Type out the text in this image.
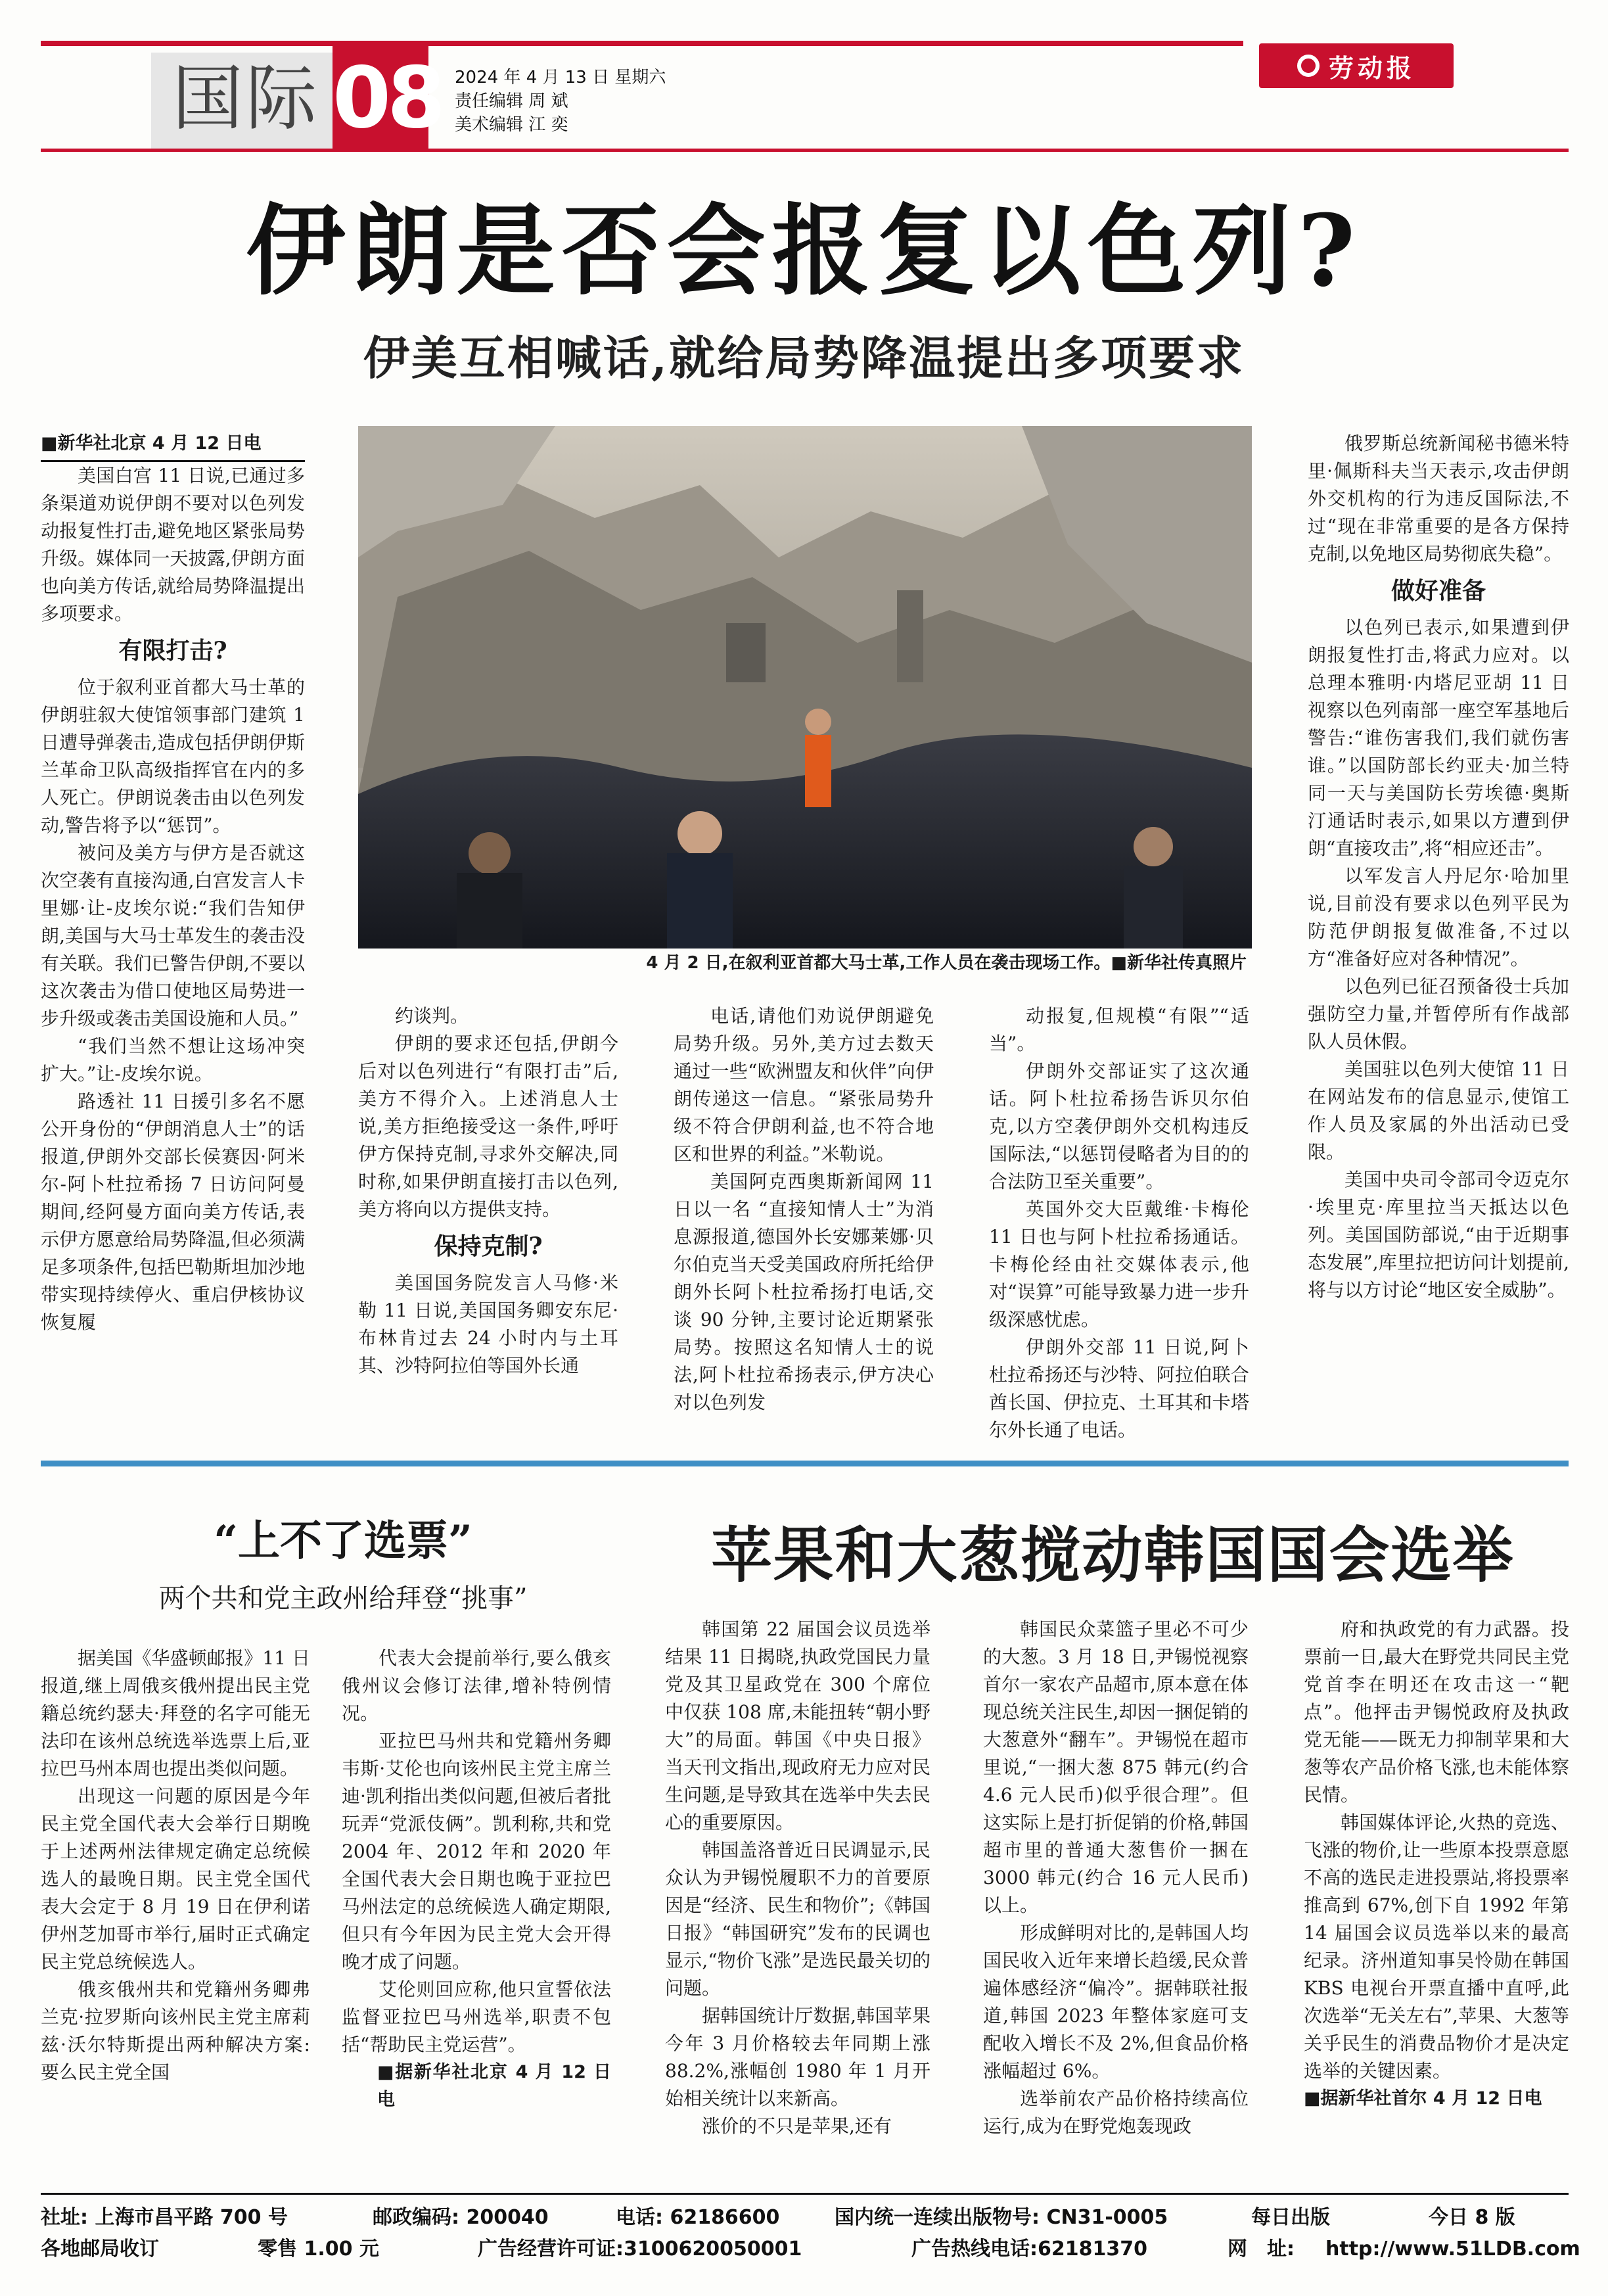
国际 08 2024 年 4 月 13 日 星期六
责任编辑 周 斌
美术编辑 江 奕
劳动报
伊朗是否会报复以色列?
伊美互相喊话,就给局势降温提出多项要求

■新华社北京 4 月 12 日电

美国白宫 11 日说,已通过多条渠道劝说伊朗不要对以色列发动报复性打击,避免地区紧张局势升级。媒体同一天披露,伊朗方面也向美方传话,就给局势降温提出多项要求。

有限打击?

位于叙利亚首都大马士革的伊朗驻叙大使馆领事部门建筑 1 日遭导弹袭击,造成包括伊朗伊斯兰革命卫队高级指挥官在内的多人死亡。伊朗说袭击由以色列发动,警告将予以“惩罚”。

被问及美方与伊方是否就这次空袭有直接沟通,白宫发言人卡里娜·让-皮埃尔说:“我们告知伊朗,美国与大马士革发生的袭击没有关联。我们已警告伊朗,不要以这次袭击为借口使地区局势进一步升级或袭击美国设施和人员。”

“我们当然不想让这场冲突扩大。”让-皮埃尔说。

路透社 11 日援引多名不愿公开身份的“伊朗消息人士”的话报道,伊朗外交部长侯赛因·阿米尔-阿卜杜拉希扬 7 日访问阿曼期间,经阿曼方面向美方传话,表示伊方愿意给局势降温,但必须满足多项条件,包括巴勒斯坦加沙地带实现持续停火、重启伊核协议恢复履

4 月 2 日,在叙利亚首都大马士革,工作人员在袭击现场工作。■新华社传真照片

约谈判。

伊朗的要求还包括,伊朗今后对以色列进行“有限打击”后,美方不得介入。上述消息人士说,美方拒绝接受这一条件,呼吁伊方保持克制,寻求外交解决,同时称,如果伊朗直接打击以色列,美方将向以方提供支持。

保持克制?

美国国务院发言人马修·米勒 11 日说,美国国务卿安东尼·布林肯过去 24 小时内与土耳其、沙特阿拉伯等国外长通

电话,请他们劝说伊朗避免局势升级。另外,美方过去数天通过一些“欧洲盟友和伙伴”向伊朗传递这一信息。“紧张局势升级不符合伊朗利益,也不符合地区和世界的利益。”米勒说。

美国阿克西奥斯新闻网 11 日以一名 “直接知情人士”为消息源报道,德国外长安娜莱娜·贝尔伯克当天受美国政府所托给伊朗外长阿卜杜拉希扬打电话,交谈 90 分钟,主要讨论近期紧张局势。按照这名知情人士的说法,阿卜杜拉希扬表示,伊方决心对以色列发

动报复,但规模“有限”“适当”。

伊朗外交部证实了这次通话。阿卜杜拉希扬告诉贝尔伯克,以方空袭伊朗外交机构违反国际法,“以惩罚侵略者为目的的合法防卫至关重要”。

英国外交大臣戴维·卡梅伦 11 日也与阿卜杜拉希扬通话。卡梅伦经由社交媒体表示,他对“误算”可能导致暴力进一步升级深感忧虑。

伊朗外交部 11 日说,阿卜杜拉希扬还与沙特、阿拉伯联合酋长国、伊拉克、土耳其和卡塔尔外长通了电话。

俄罗斯总统新闻秘书德米特里·佩斯科夫当天表示,攻击伊朗外交机构的行为违反国际法,不过“现在非常重要的是各方保持克制,以免地区局势彻底失稳”。

做好准备

以色列已表示,如果遭到伊朗报复性打击,将武力应对。以总理本雅明·内塔尼亚胡 11 日视察以色列南部一座空军基地后警告:“谁伤害我们,我们就伤害谁。”以国防部长约亚夫·加兰特同一天与美国防长劳埃德·奥斯汀通话时表示,如果以方遭到伊朗“直接攻击”,将“相应还击”。

以军发言人丹尼尔·哈加里说,目前没有要求以色列平民为防范伊朗报复做准备,不过以方“准备好应对各种情况”。

以色列已征召预备役士兵加强防空力量,并暂停所有作战部队人员休假。

美国驻以色列大使馆 11 日在网站发布的信息显示,使馆工作人员及家属的外出活动已受限。

美国中央司令部司令迈克尔·埃里克·库里拉当天抵达以色列。美国国防部说,“由于近期事态发展”,库里拉把访问计划提前,将与以方讨论“地区安全威胁”。

“上不了选票”
两个共和党主政州给拜登“挑事”

据美国《华盛顿邮报》11 日报道,继上周俄亥俄州提出民主党籍总统约瑟夫·拜登的名字可能无法印在该州总统选举选票上后,亚拉巴马州本周也提出类似问题。

出现这一问题的原因是今年民主党全国代表大会举行日期晚于上述两州法律规定确定总统候选人的最晚日期。民主党全国代表大会定于 8 月 19 日在伊利诺伊州芝加哥市举行,届时正式确定民主党总统候选人。

俄亥俄州共和党籍州务卿弗兰克·拉罗斯向该州民主党主席莉兹·沃尔特斯提出两种解决方案:要么民主党全国

代表大会提前举行,要么俄亥俄州议会修订法律,增补特例情况。

亚拉巴马州共和党籍州务卿韦斯·艾伦也向该州民主党主席兰迪·凯利指出类似问题,但被后者批玩弄“党派伎俩”。凯利称,共和党 2004 年、2012 年和 2020 年全国代表大会日期也晚于亚拉巴马州法定的总统候选人确定期限,但只有今年因为民主党大会开得晚才成了问题。

艾伦则回应称,他只宣誓依法监督亚拉巴马州选举,职责不包括“帮助民主党运营”。

■据新华社北京 4 月 12 日电

苹果和大葱搅动韩国国会选举

韩国第 22 届国会议员选举结果 11 日揭晓,执政党国民力量党及其卫星政党在 300 个席位中仅获 108 席,未能扭转“朝小野大”的局面。韩国《中央日报》当天刊文指出,现政府无力应对民生问题,是导致其在选举中失去民心的重要原因。

韩国盖洛普近日民调显示,民众认为尹锡悦履职不力的首要原因是“经济、民生和物价”;《韩国日报》“韩国研究”发布的民调也显示,“物价飞涨”是选民最关切的问题。

据韩国统计厅数据,韩国苹果今年 3 月价格较去年同期上涨 88.2%,涨幅创 1980 年 1 月开始相关统计以来新高。

涨价的不只是苹果,还有

韩国民众菜篮子里必不可少的大葱。3 月 18 日,尹锡悦视察首尔一家农产品超市,原本意在体现总统关注民生,却因一捆促销的大葱意外“翻车”。尹锡悦在超市里说,“一捆大葱 875 韩元(约合 4.6 元人民币)似乎很合理”。但这实际上是打折促销的价格,韩国超市里的普通大葱售价一捆在 3000 韩元(约合 16 元人民币)以上。

形成鲜明对比的,是韩国人均国民收入近年来增长趋缓,民众普遍体感经济“偏冷”。据韩联社报道,韩国 2023 年整体家庭可支配收入增长不及 2%,但食品价格涨幅超过 6%。

选举前农产品价格持续高位运行,成为在野党炮轰现政

府和执政党的有力武器。投票前一日,最大在野党共同民主党党首李在明还在攻击这一“靶点”。他抨击尹锡悦政府及执政党无能——既无力抑制苹果和大葱等农产品价格飞涨,也未能体察民情。

韩国媒体评论,火热的竞选、飞涨的物价,让一些原本投票意愿不高的选民走进投票站,将投票率推高到 67%,创下自 1992 年第 14 届国会议员选举以来的最高纪录。济州道知事吴怜勋在韩国 KBS 电视台开票直播中直呼,此次选举“无关左右”,苹果、大葱等关乎民生的消费品物价才是决定选举的关键因素。

■据新华社首尔 4 月 12 日电

社址: 上海市昌平路 700 号	邮政编码: 200040	电话: 62186600	国内统一连续出版物号: CN31-0005	每日出版	今日 8 版
各地邮局收订	零售 1.00 元	广告经营许可证:3100620050001	广告热线电话:62181370	网　址: http://www.51LDB.com
